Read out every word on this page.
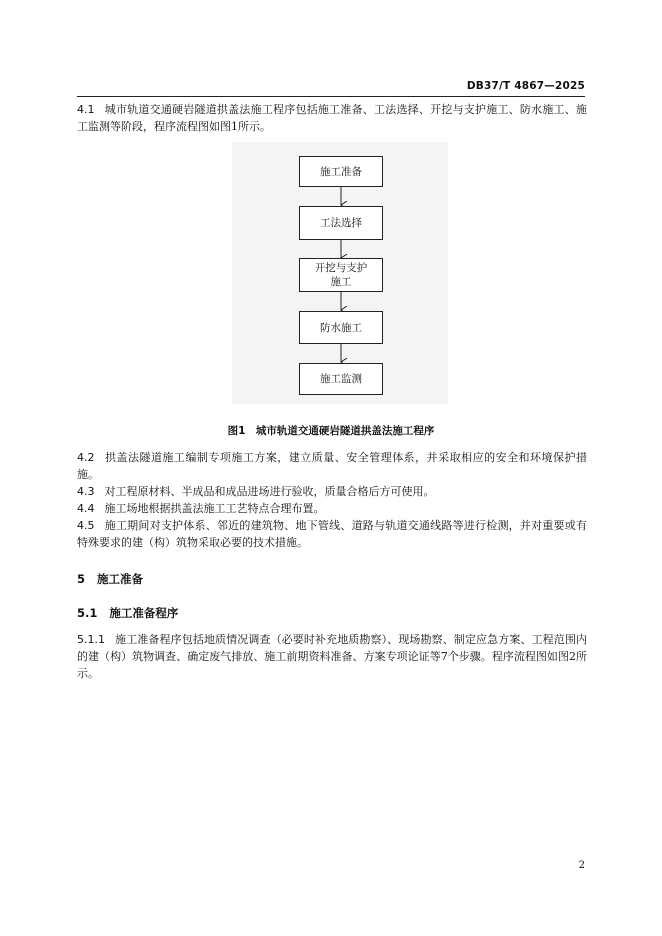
DB37/T 4867—2025
4.1 城市轨道交通硬岩隧道拱盖法施工程序包括施工准备、工法选择、开挖与支护施工、防水施工、施工监测等阶段，程序流程图如图1所示。
施工准备
工法选择
开挖与支护
施工
防水施工
施工监测
图1　城市轨道交通硬岩隧道拱盖法施工程序
4.2 拱盖法隧道施工编制专项施工方案，建立质量、安全管理体系，并采取相应的安全和环境保护措施。
4.3 对工程原材料、半成品和成品进场进行验收，质量合格后方可使用。
4.4 施工场地根据拱盖法施工工艺特点合理布置。
4.5 施工期间对支护体系、邻近的建筑物、地下管线、道路与轨道交通线路等进行检测，并对重要或有特殊要求的建（构）筑物采取必要的技术措施。
5 施工准备
5.1 施工准备程序
5.1.1 施工准备程序包括地质情况调查（必要时补充地质勘察）、现场勘察、制定应急方案、工程范围内的建（构）筑物调查、确定废气排放、施工前期资料准备、方案专项论证等7个步骤。程序流程图如图2所示。
2
